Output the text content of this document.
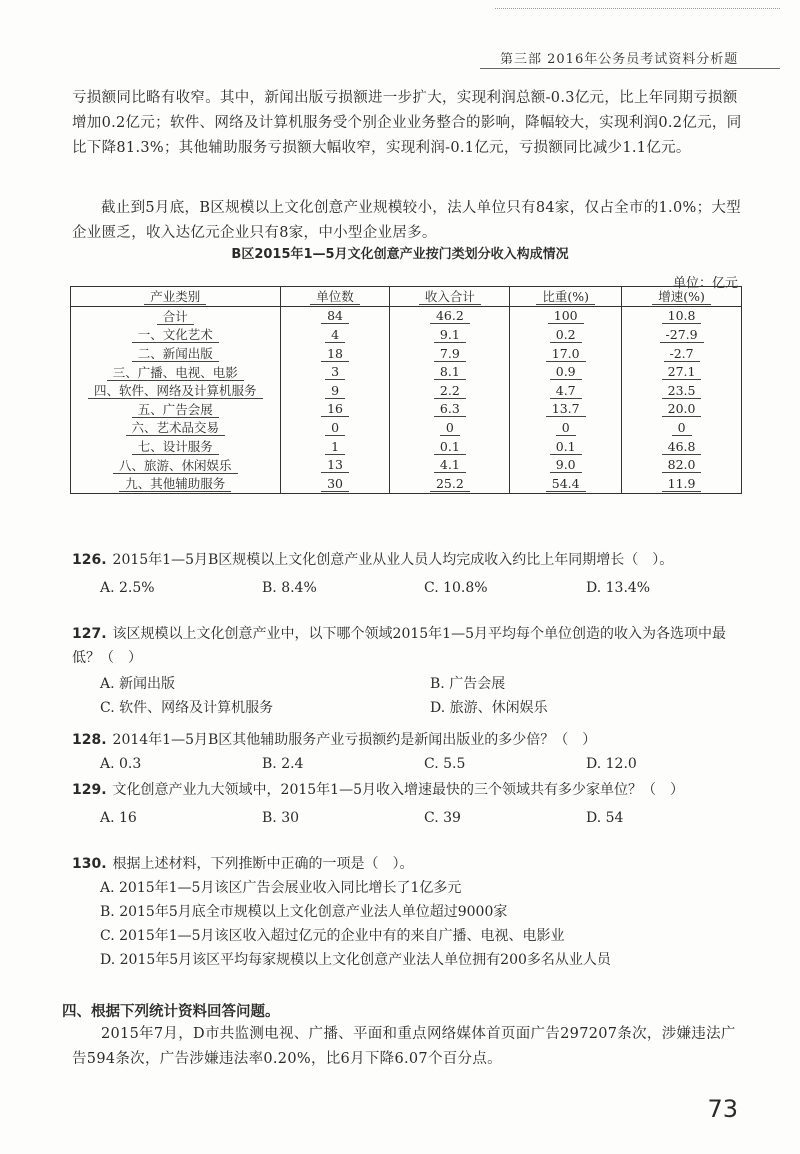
第三部 2016年公务员考试资料分析题
亏损额同比略有收窄。其中，新闻出版亏损额进一步扩大，实现利润总额-0.3亿元，比上年同期亏损额增加0.2亿元；软件、网络及计算机服务受个别企业业务整合的影响，降幅较大，实现利润0.2亿元，同比下降81.3%；其他辅助服务亏损额大幅收窄，实现利润-0.1亿元，亏损额同比减少1.1亿元。
截止到5月底，B区规模以上文化创意产业规模较小，法人单位只有84家，仅占全市的1.0%；大型企业匮乏，收入达亿元企业只有8家，中小型企业居多。
B区2015年1—5月文化创意产业按门类划分收入构成情况
单位：亿元
产业类别	单位数	收入合计	比重(%)	增速(%)
合计	84	46.2	100	10.8
一、文化艺术	4	9.1	0.2	-27.9
二、新闻出版	18	7.9	17.0	-2.7
三、广播、电视、电影	3	8.1	0.9	27.1
四、软件、网络及计算机服务	9	2.2	4.7	23.5
五、广告会展	16	6.3	13.7	20.0
六、艺术品交易	0	0	0	0
七、设计服务	1	0.1	0.1	46.8
八、旅游、休闲娱乐	13	4.1	9.0	82.0
九、其他辅助服务	30	25.2	54.4	11.9
126. 2015年1—5月B区规模以上文化创意产业从业人员人均完成收入约比上年同期增长（　）。
A. 2.5%	B. 8.4%	C. 10.8%	D. 13.4%
127. 该区规模以上文化创意产业中，以下哪个领域2015年1—5月平均每个单位创造的收入为各选项中最低？（　）
A. 新闻出版	B. 广告会展
C. 软件、网络及计算机服务	D. 旅游、休闲娱乐
128. 2014年1—5月B区其他辅助服务产业亏损额约是新闻出版业的多少倍？（　）
A. 0.3	B. 2.4	C. 5.5	D. 12.0
129. 文化创意产业九大领域中，2015年1—5月收入增速最快的三个领域共有多少家单位？（　）
A. 16	B. 30	C. 39	D. 54
130. 根据上述材料，下列推断中正确的一项是（　）。
A. 2015年1—5月该区广告会展业收入同比增长了1亿多元
B. 2015年5月底全市规模以上文化创意产业法人单位超过9000家
C. 2015年1—5月该区收入超过亿元的企业中有的来自广播、电视、电影业
D. 2015年5月该区平均每家规模以上文化创意产业法人单位拥有200多名从业人员
四、根据下列统计资料回答问题。
2015年7月，D市共监测电视、广播、平面和重点网络媒体首页面广告297207条次，涉嫌违法广告594条次，广告涉嫌违法率0.20%，比6月下降6.07个百分点。
73
